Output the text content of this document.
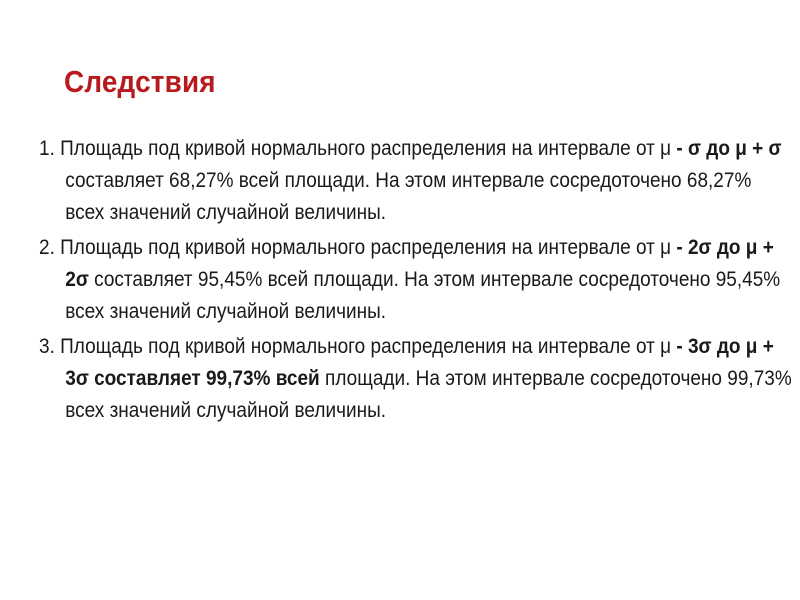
Следствия
1. Площадь под кривой нормального распределения на интервале от μ - σ до μ + σ составляет 68,27% всей площади. На этом интервале сосредоточено 68,27% всех значений случайной величины.
2. Площадь под кривой нормального распределения на интервале от μ - 2σ до μ + 2σ составляет 95,45% всей площади. На этом интервале сосредоточено 95,45% всех значений случайной величины.
3. Площадь под кривой нормального распределения на интервале от μ - 3σ до μ + 3σ составляет 99,73% всей площади. На этом интервале сосредоточено 99,73% всех значений случайной величины.
